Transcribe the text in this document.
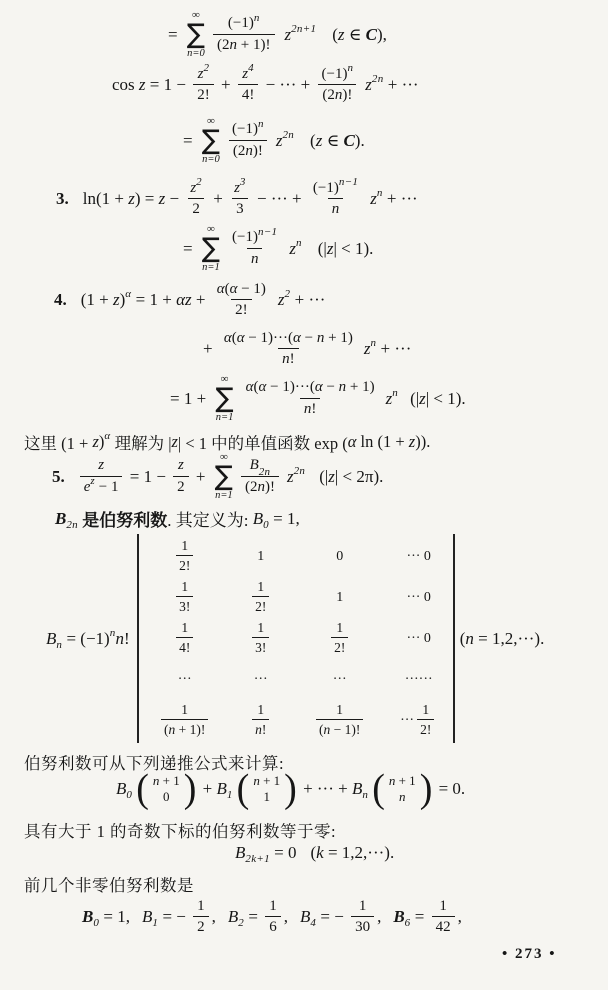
=
∞
∑
$n=0 \frac{(-1) n}{(2 n + 1)!}$ z 2n+1 ( z ∈ C ),
$\cos z = 1 - \frac{z 2}{2!} + \frac{z 4}{4!}$ − ··· + $\frac{(-1) n}{(2 n )!}$ z 2n + ···
=
∞
∑
$n=0 \frac{(-1) n}{(2 n )!}$ z 2n ( z ∈ C ).
3. ln(1 + z ) = $z - \frac{z 2}{2} + \frac{z 3}{3}$ − ··· + $\frac{(-1) n-1}{n}$ z n + ···
=
∞
∑
$n=1 \frac{(-1) n-1}{n}$ z n (| z | < 1).
4. (1 + z ) $\alpha = 1 + \alpha z + \frac{\alpha ( \alpha - 1)}{2!}$ z 2 + ···
+ $\frac{\alpha ( \alpha - 1)\cdot\cdot\cdot( \alpha - n + 1)}{n !}$ z n + ···
= 1 +
∞
∑
$n=1 \frac{\alpha ( \alpha - 1)\cdot\cdot\cdot( \alpha - n + 1)}{n !}$ z n (| z | < 1).
这里 (1 + z ) α 理解为 | z | < 1 中的单值函数 exp ( α ln (1 + z )).
5. $\frac{z}{\text{e z − 1}} = 1 - \frac{z}{2}$ +
∞
∑
$n=1 \frac{B 2n}{(2 n )!}$ z 2n (| z | < 2π).
B 2n 是伯努利数 . 其定义为: B 0 = 1,
B n = (−1) n n !
$\frac{1}{2!}$	1	0	··· 0
$\frac{1}{3!}$	$\frac{1}{2!}$	1	··· 0
$\frac{1}{4!}$	$\frac{1}{3!}$	$\frac{1}{2!}$	··· 0
···	···	···	······
$\frac{1}{( n + 1)!}$	$\frac{1}{n !}$	$\frac{1}{( n - 1)!}$	··· $\frac{1}{2!}$
( n = 1,2,···).
伯努利数可从下列递推公式来计算:
B 0 ( n + 1
0 ) + B 1 ( n + 1
1 ) + ··· + B n ( n + 1
n ) = 0.
具有大于 1 的奇数下标的伯努利数等于零:
B 2k+1 = 0 ( k = 1,2,···).
前几个非零伯努利数是
B 0 = 1, B 1 = − $\frac{1}{2}$ , B $2 = \frac{1}{6}$ , B 4 = − $\frac{1}{30}$ , B $6 = \frac{1}{42}$ ,
• 273 •
